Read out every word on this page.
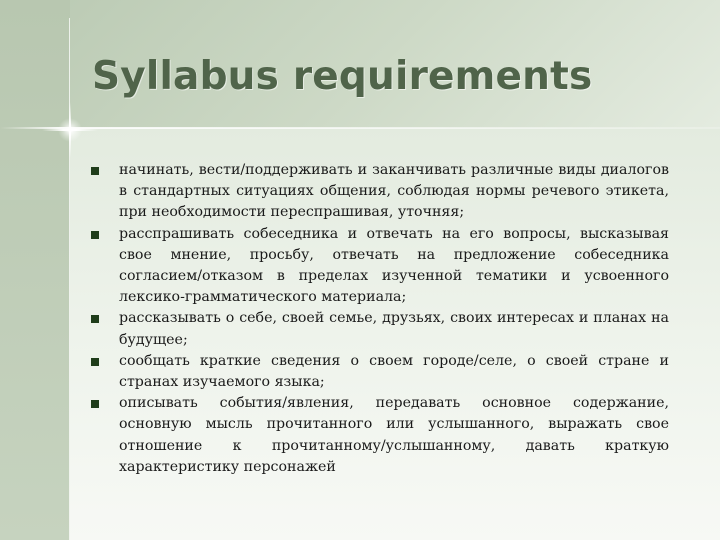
Syllabus requirements
начинать, вести/поддерживать и заканчивать различные виды диалогов в стандартных ситуациях общения, соблюдая нормы речевого этикета, при необходимости переспрашивая, уточняя;
расспрашивать собеседника и отвечать на его вопросы, высказывая свое мнение, просьбу, отвечать на предложение собеседника согласием/отказом в пределах изученной тематики и усвоенного лексико-грамматического материала;
рассказывать о себе, своей семье, друзьях, своих интересах и планах на будущее;
сообщать краткие сведения о своем городе/селе, о своей стране и странах изучаемого языка;
описывать события/явления, передавать основное содержание, основную мысль прочитанного или услышанного, выражать свое отношение к прочитанному/услышанному, давать краткую характеристику персонажей
